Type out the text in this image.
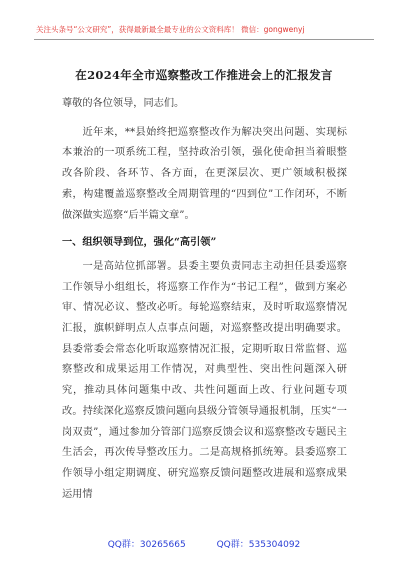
关注头条号“公文研究”，获得最新最全最专业的公文资料库！ 微信：gongwenyj
在2024年全市巡察整改工作推进会上的汇报发言

尊敬的各位领导，同志们。

近年来，**县始终把巡察整改作为解决突出问题、实现标本兼治的一项系统工程，坚持政治引领，强化使命担当着眼整改各阶段、各环节、各方面，在更深层次、更广领域积极探索，构建覆盖巡察整改全周期管理的“四到位”工作闭环，不断做深做实巡察“后半篇文章”。

一、组织领导到位，强化“高引领”

一是高站位抓部署。县委主要负责同志主动担任县委巡察工作领导小组组长，将巡察工作作为“书记工程”，做到方案必审、情况必议、整改必听。每轮巡察结束，及时听取巡察情况汇报，旗帜鲜明点人点事点问题，对巡察整改提出明确要求。县委常委会常态化听取巡察情况汇报，定期听取日常监督、巡察整改和成果运用工作情况，对典型性、突出性问题深入研究，推动具体问题集中改、共性问题面上改、行业问题专项改。持续深化巡察反馈问题向县级分管领导通报机制，压实“一岗双责”，通过参加分管部门巡察反馈会议和巡察整改专题民主生活会，再次传导整改压力。二是高规格抓统筹。县委巡察工作领导小组定期调度、研究巡察反馈问题整改进展和巡察成果运用情

QQ群：30265665	QQ群：535304092
